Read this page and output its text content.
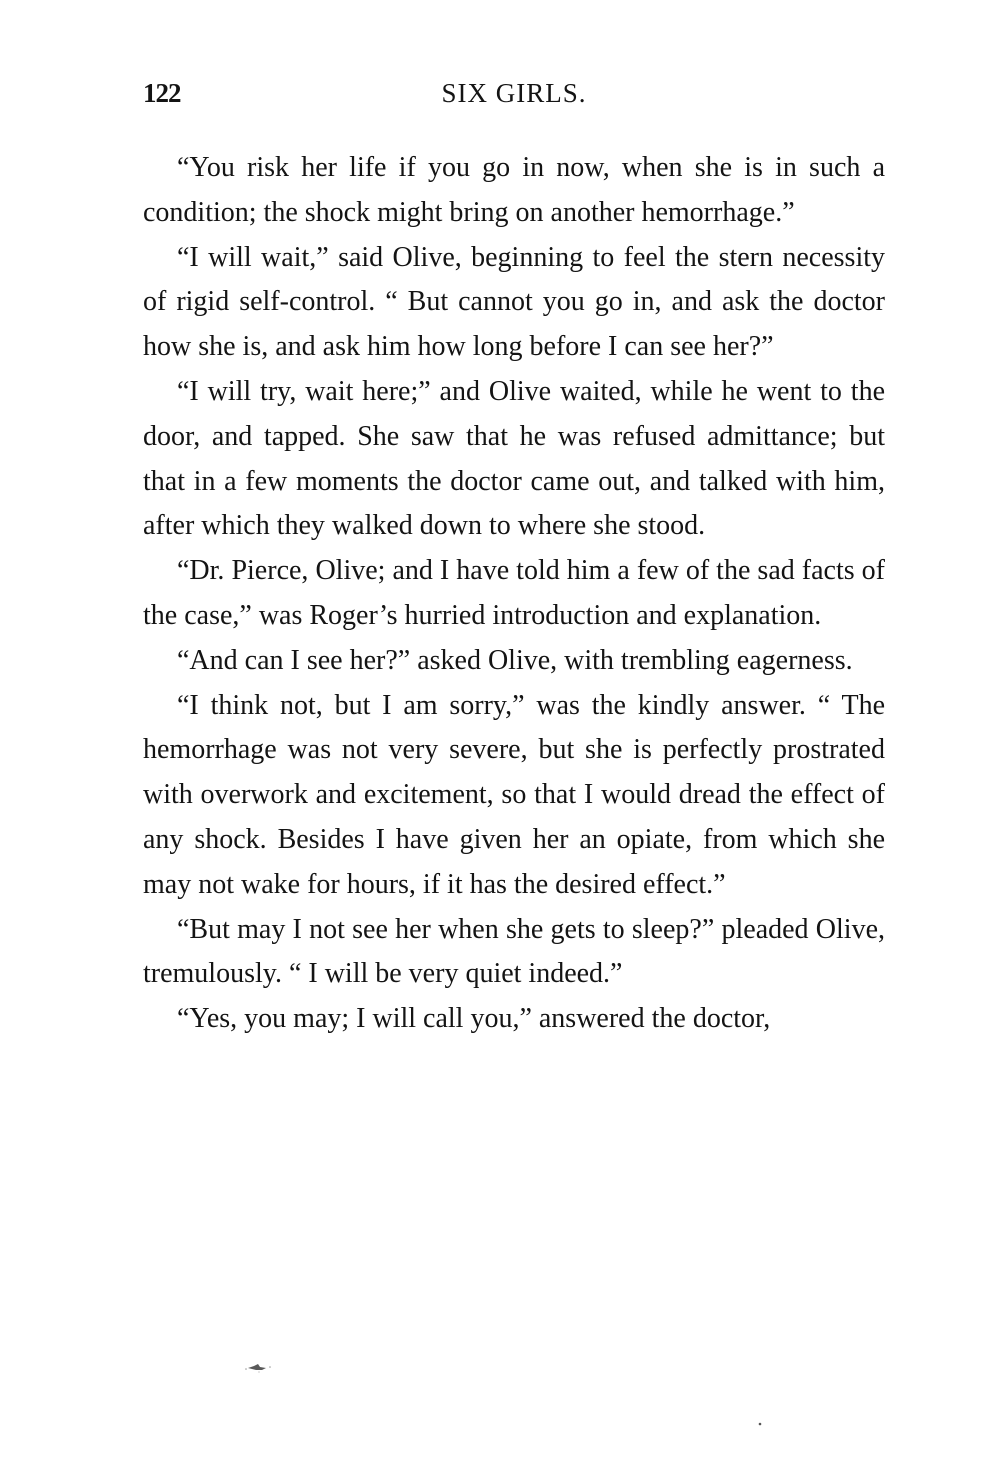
122	SIX GIRLS.

“You risk her life if you go in now, when she is in such a condition; the shock might bring on another hemorrhage.”

“I will wait,” said Olive, beginning to feel the stern necessity of rigid self-control. “ But cannot you go in, and ask the doctor how she is, and ask him how long before I can see her?”

“I will try, wait here;” and Olive waited, while he went to the door, and tapped. She saw that he was refused admittance; but that in a few moments the doctor came out, and talked with him, after which they walked down to where she stood.

“Dr. Pierce, Olive; and I have told him a few of the sad facts of the case,” was Roger’s hurried introduction and explanation.

“And can I see her?” asked Olive, with trembling eagerness.

“I think not, but I am sorry,” was the kindly answer. “ The hemorrhage was not very severe, but she is perfectly prostrated with overwork and excitement, so that I would dread the effect of any shock. Besides I have given her an opiate, from which she may not wake for hours, if it has the desired effect.”

“But may I not see her when she gets to sleep?” pleaded Olive, tremulously. “ I will be very quiet indeed.”

“Yes, you may; I will call you,” answered the doctor,
